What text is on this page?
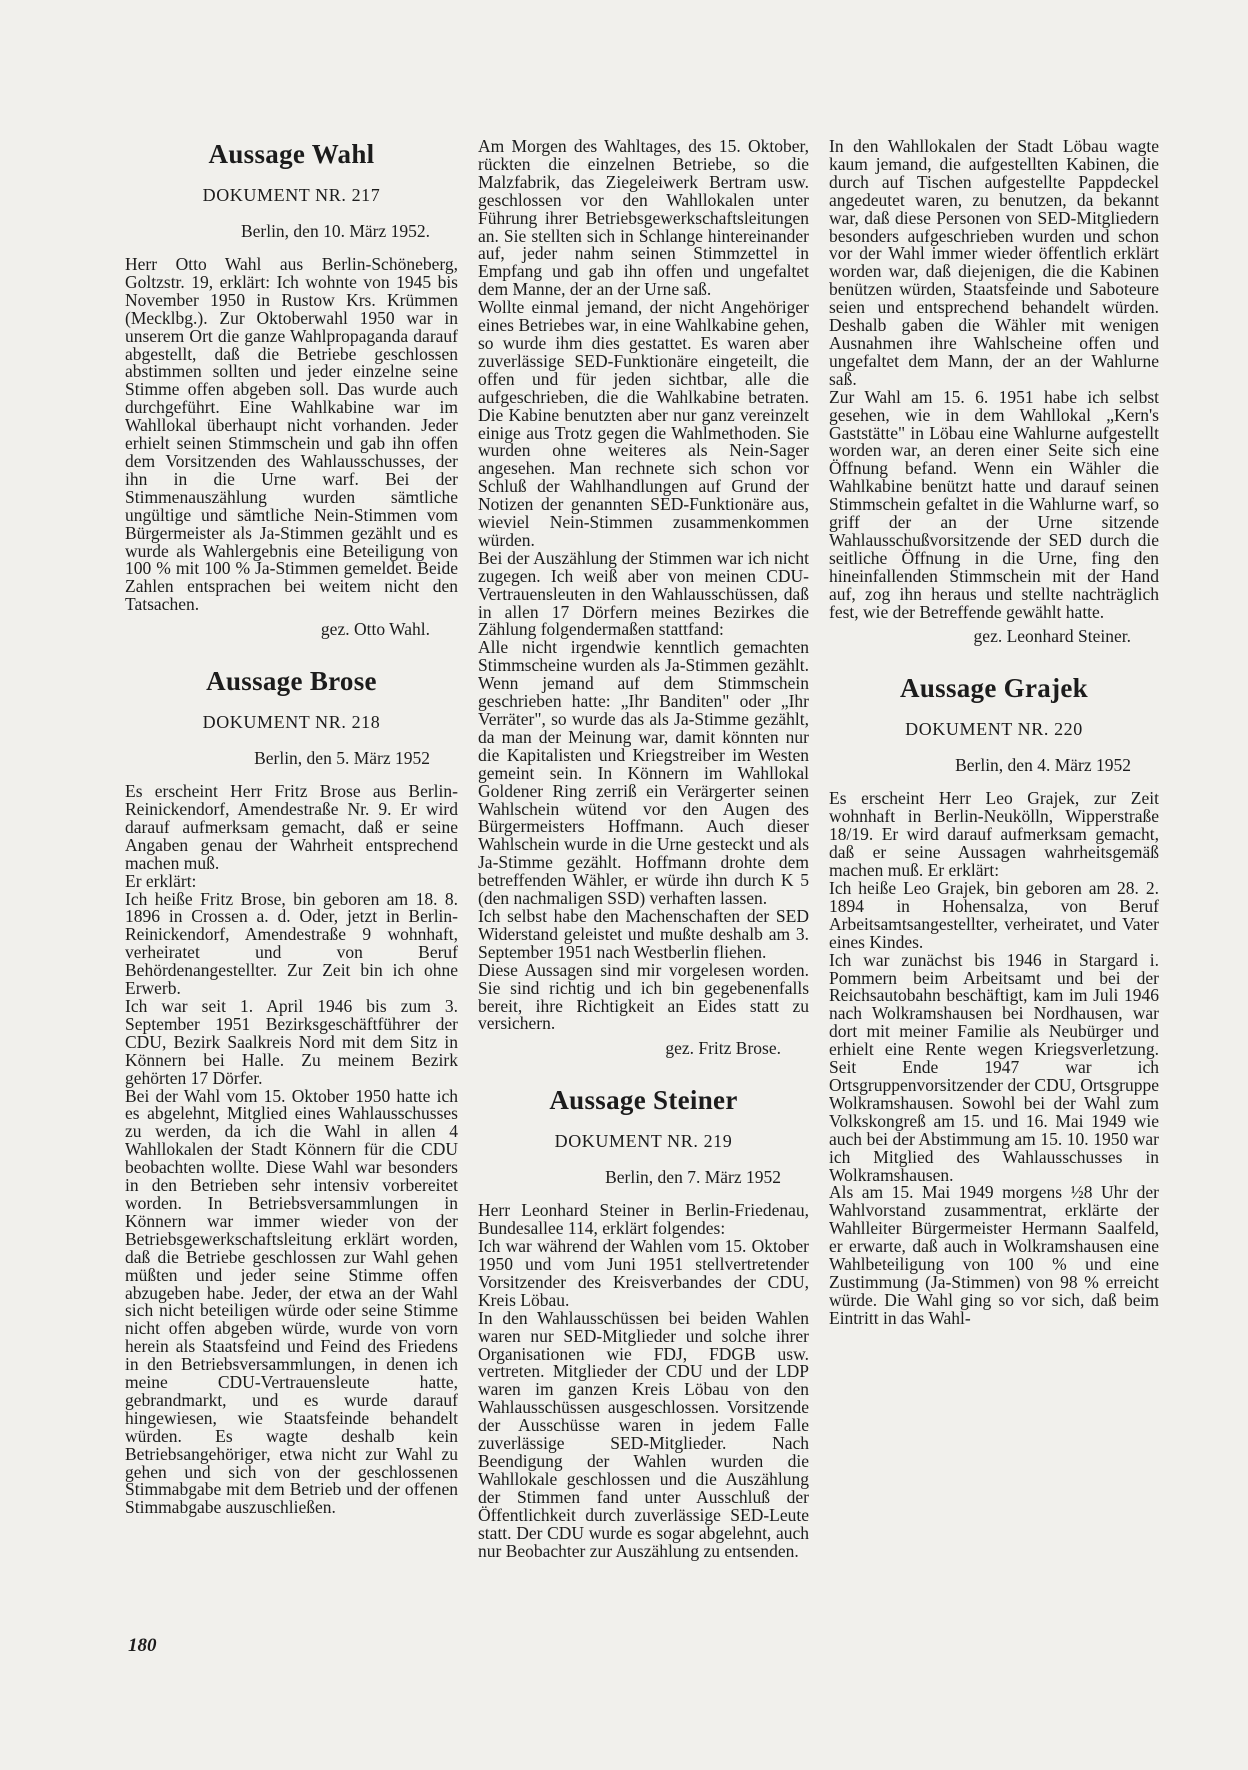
Aussage Wahl
DOKUMENT NR. 217
Berlin, den 10. März 1952.

Herr Otto Wahl aus Berlin-Schöneberg, Goltzstr. 19, erklärt: Ich wohnte von 1945 bis November 1950 in Rustow Krs. Krümmen (Mecklbg.). Zur Oktoberwahl 1950 war in unserem Ort die ganze Wahlpropaganda darauf abgestellt, daß die Betriebe geschlossen abstimmen sollten und jeder einzelne seine Stimme offen abgeben soll. Das wurde auch durchgeführt. Eine Wahlkabine war im Wahllokal überhaupt nicht vorhanden. Jeder erhielt seinen Stimmschein und gab ihn offen dem Vorsitzenden des Wahlausschusses, der ihn in die Urne warf. Bei der Stimmenauszählung wurden sämtliche ungültige und sämtliche Nein-Stimmen vom Bürgermeister als Ja-Stimmen gezählt und es wurde als Wahlergebnis eine Beteiligung von 100 % mit 100 % Ja-Stimmen gemeldet. Beide Zahlen entsprachen bei weitem nicht den Tatsachen.

gez. Otto Wahl.
Aussage Brose
DOKUMENT NR. 218
Berlin, den 5. März 1952

Es erscheint Herr Fritz Brose aus Berlin-Reinickendorf, Amendestraße Nr. 9. Er wird darauf aufmerksam gemacht, daß er seine Angaben genau der Wahrheit entsprechend machen muß.

Er erklärt:

Ich heiße Fritz Brose, bin geboren am 18. 8. 1896 in Crossen a. d. Oder, jetzt in Berlin-Reinickendorf, Amendestraße 9 wohnhaft, verheiratet und von Beruf Behördenangestellter. Zur Zeit bin ich ohne Erwerb.

Ich war seit 1. April 1946 bis zum 3. September 1951 Bezirksgeschäftführer der CDU, Bezirk Saalkreis Nord mit dem Sitz in Könnern bei Halle. Zu meinem Bezirk gehörten 17 Dörfer.

Bei der Wahl vom 15. Oktober 1950 hatte ich es abgelehnt, Mitglied eines Wahlausschusses zu werden, da ich die Wahl in allen 4 Wahllokalen der Stadt Könnern für die CDU beobachten wollte. Diese Wahl war besonders in den Betrieben sehr intensiv vorbereitet worden. In Betriebsversammlungen in Könnern war immer wieder von der Betriebsgewerkschaftsleitung erklärt worden, daß die Betriebe geschlossen zur Wahl gehen müßten und jeder seine Stimme offen abzugeben habe. Jeder, der etwa an der Wahl sich nicht beteiligen würde oder seine Stimme nicht offen abgeben würde, wurde von vorn herein als Staatsfeind und Feind des Friedens in den Betriebsversammlungen, in denen ich meine CDU-Vertrauensleute hatte, gebrandmarkt, und es wurde darauf hingewiesen, wie Staatsfeinde behandelt würden. Es wagte deshalb kein Betriebsangehöriger, etwa nicht zur Wahl zu gehen und sich von der geschlossenen Stimmabgabe mit dem Betrieb und der offenen Stimmabgabe auszuschließen.

Am Morgen des Wahltages, des 15. Oktober, rückten die einzelnen Betriebe, so die Malzfabrik, das Ziegeleiwerk Bertram usw. geschlossen vor den Wahllokalen unter Führung ihrer Betriebsgewerkschaftsleitungen an. Sie stellten sich in Schlange hintereinander auf, jeder nahm seinen Stimmzettel in Empfang und gab ihn offen und ungefaltet dem Manne, der an der Urne saß.

Wollte einmal jemand, der nicht Angehöriger eines Betriebes war, in eine Wahlkabine gehen, so wurde ihm dies gestattet. Es waren aber zuverlässige SED-Funktionäre eingeteilt, die offen und für jeden sichtbar, alle die aufgeschrieben, die die Wahlkabine betraten. Die Kabine benutzten aber nur ganz vereinzelt einige aus Trotz gegen die Wahlmethoden. Sie wurden ohne weiteres als Nein-Sager angesehen. Man rechnete sich schon vor Schluß der Wahlhandlungen auf Grund der Notizen der genannten SED-Funktionäre aus, wieviel Nein-Stimmen zusammenkommen würden.

Bei der Auszählung der Stimmen war ich nicht zugegen. Ich weiß aber von meinen CDU-Vertrauensleuten in den Wahlausschüssen, daß in allen 17 Dörfern meines Bezirkes die Zählung folgendermaßen stattfand:

Alle nicht irgendwie kenntlich gemachten Stimmscheine wurden als Ja-Stimmen gezählt. Wenn jemand auf dem Stimmschein geschrieben hatte: „Ihr Banditen" oder „Ihr Verräter", so wurde das als Ja-Stimme gezählt, da man der Meinung war, damit könnten nur die Kapitalisten und Kriegstreiber im Westen gemeint sein. In Könnern im Wahllokal Goldener Ring zerriß ein Verärgerter seinen Wahlschein wütend vor den Augen des Bürgermeisters Hoffmann. Auch dieser Wahlschein wurde in die Urne gesteckt und als Ja-Stimme gezählt. Hoffmann drohte dem betreffenden Wähler, er würde ihn durch K 5 (den nachmaligen SSD) verhaften lassen.

Ich selbst habe den Machenschaften der SED Widerstand geleistet und mußte deshalb am 3. September 1951 nach Westberlin fliehen.

Diese Aussagen sind mir vorgelesen worden. Sie sind richtig und ich bin gegebenenfalls bereit, ihre Richtigkeit an Eides statt zu versichern.

gez. Fritz Brose.
Aussage Steiner
DOKUMENT NR. 219
Berlin, den 7. März 1952

Herr Leonhard Steiner in Berlin-Friedenau, Bundesallee 114, erklärt folgendes:

Ich war während der Wahlen vom 15. Oktober 1950 und vom Juni 1951 stellvertretender Vorsitzender des Kreisverbandes der CDU, Kreis Löbau.

In den Wahlausschüssen bei beiden Wahlen waren nur SED-Mitglieder und solche ihrer Organisationen wie FDJ, FDGB usw. vertreten. Mitglieder der CDU und der LDP waren im ganzen Kreis Löbau von den Wahlausschüssen ausgeschlossen. Vorsitzende der Ausschüsse waren in jedem Falle zuverlässige SED-Mitglieder. Nach Beendigung der Wahlen wurden die Wahllokale geschlossen und die Auszählung der Stimmen fand unter Ausschluß der Öffentlichkeit durch zuverlässige SED-Leute statt. Der CDU wurde es sogar abgelehnt, auch nur Beobachter zur Auszählung zu entsenden.

In den Wahllokalen der Stadt Löbau wagte kaum jemand, die aufgestellten Kabinen, die durch auf Tischen aufgestellte Pappdeckel angedeutet waren, zu benutzen, da bekannt war, daß diese Personen von SED-Mitgliedern besonders aufgeschrieben wurden und schon vor der Wahl immer wieder öffentlich erklärt worden war, daß diejenigen, die die Kabinen benützen würden, Staatsfeinde und Saboteure seien und entsprechend behandelt würden. Deshalb gaben die Wähler mit wenigen Ausnahmen ihre Wahlscheine offen und ungefaltet dem Mann, der an der Wahlurne saß.

Zur Wahl am 15. 6. 1951 habe ich selbst gesehen, wie in dem Wahllokal „Kern's Gaststätte" in Löbau eine Wahlurne aufgestellt worden war, an deren einer Seite sich eine Öffnung befand. Wenn ein Wähler die Wahlkabine benützt hatte und darauf seinen Stimmschein gefaltet in die Wahlurne warf, so griff der an der Urne sitzende Wahlausschußvorsitzende der SED durch die seitliche Öffnung in die Urne, fing den hineinfallenden Stimmschein mit der Hand auf, zog ihn heraus und stellte nachträglich fest, wie der Betreffende gewählt hatte.

gez. Leonhard Steiner.
Aussage Grajek
DOKUMENT NR. 220
Berlin, den 4. März 1952

Es erscheint Herr Leo Grajek, zur Zeit wohnhaft in Berlin-Neukölln, Wipperstraße 18/19. Er wird darauf aufmerksam gemacht, daß er seine Aussagen wahrheitsgemäß machen muß. Er erklärt:

Ich heiße Leo Grajek, bin geboren am 28. 2. 1894 in Hohensalza, von Beruf Arbeitsamtsangestellter, verheiratet, und Vater eines Kindes.

Ich war zunächst bis 1946 in Stargard i. Pommern beim Arbeitsamt und bei der Reichsautobahn beschäftigt, kam im Juli 1946 nach Wolkramshausen bei Nordhausen, war dort mit meiner Familie als Neubürger und erhielt eine Rente wegen Kriegsverletzung. Seit Ende 1947 war ich Ortsgruppenvorsitzender der CDU, Ortsgruppe Wolkramshausen. Sowohl bei der Wahl zum Volkskongreß am 15. und 16. Mai 1949 wie auch bei der Abstimmung am 15. 10. 1950 war ich Mitglied des Wahlausschusses in Wolkramshausen.

Als am 15. Mai 1949 morgens ½8 Uhr der Wahlvorstand zusammentrat, erklärte der Wahlleiter Bürgermeister Hermann Saalfeld, er erwarte, daß auch in Wolkramshausen eine Wahlbeteiligung von 100 % und eine Zustimmung (Ja-Stimmen) von 98 % erreicht würde. Die Wahl ging so vor sich, daß beim Eintritt in das Wahl-

180
